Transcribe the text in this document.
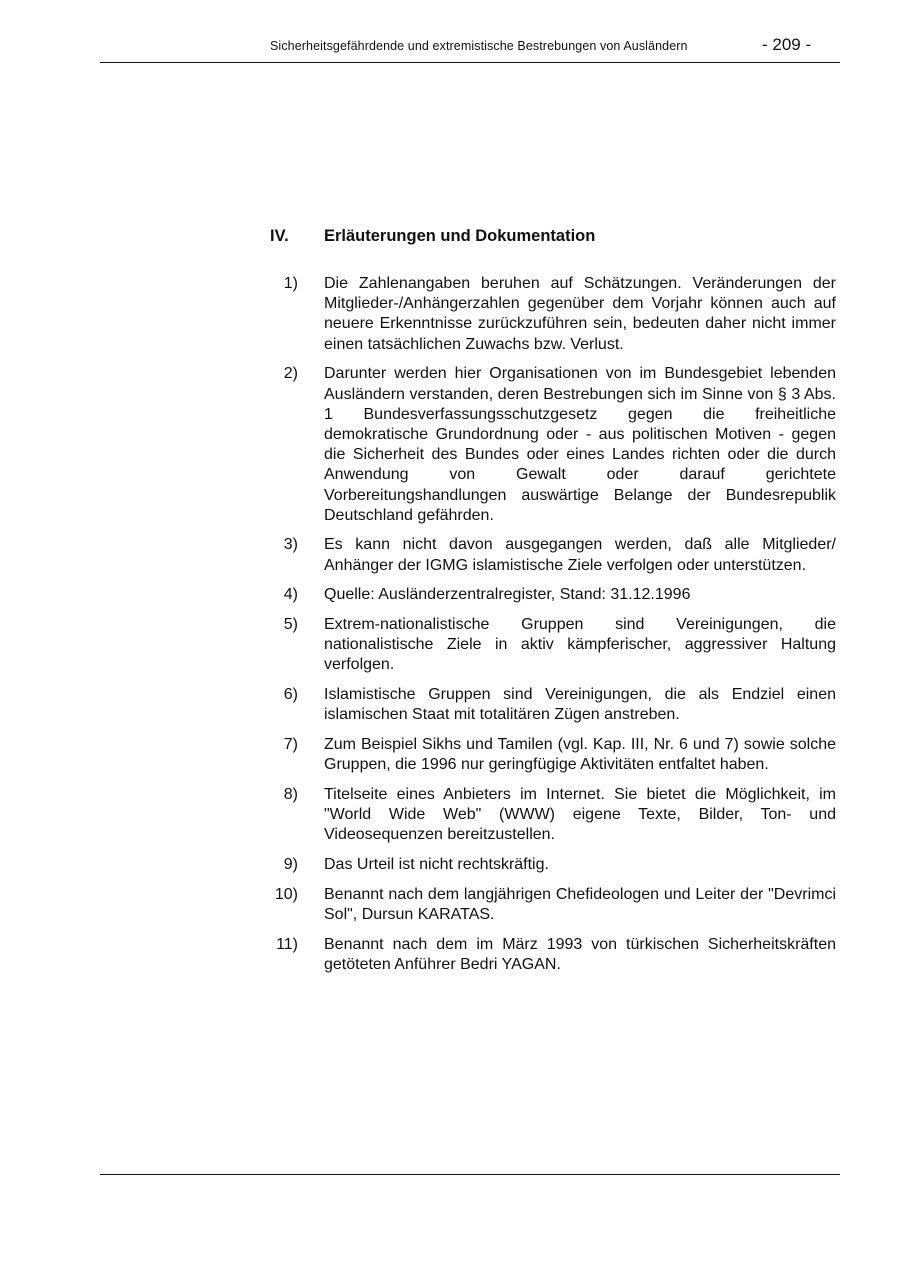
Sicherheitsgefährdende und extremistische Bestrebungen von Ausländern	- 209 -
IV. Erläuterungen und Dokumentation
1) Die Zahlenangaben beruhen auf Schätzungen. Veränderungen der Mitglieder-/Anhängerzahlen gegenüber dem Vorjahr können auch auf neuere Erkenntnisse zurückzuführen sein, bedeuten daher nicht immer einen tatsächlichen Zuwachs bzw. Verlust.
2) Darunter werden hier Organisationen von im Bundesgebiet lebenden Ausländern verstanden, deren Bestrebungen sich im Sinne von § 3 Abs. 1 Bundesverfassungsschutzgesetz gegen die freiheitliche demokratische Grundordnung oder - aus politischen Motiven - gegen die Sicherheit des Bundes oder eines Landes richten oder die durch Anwendung von Gewalt oder darauf gerichtete Vorbereitungshandlungen auswärtige Belange der Bundesrepublik Deutschland gefährden.
3) Es kann nicht davon ausgegangen werden, daß alle Mitglieder/ Anhänger der IGMG islamistische Ziele verfolgen oder unterstützen.
4) Quelle: Ausländerzentralregister, Stand: 31.12.1996
5) Extrem-nationalistische Gruppen sind Vereinigungen, die nationalistische Ziele in aktiv kämpferischer, aggressiver Haltung verfolgen.
6) Islamistische Gruppen sind Vereinigungen, die als Endziel einen islamischen Staat mit totalitären Zügen anstreben.
7) Zum Beispiel Sikhs und Tamilen (vgl. Kap. III, Nr. 6 und 7) sowie solche Gruppen, die 1996 nur geringfügige Aktivitäten entfaltet haben.
8) Titelseite eines Anbieters im Internet. Sie bietet die Möglichkeit, im "World Wide Web" (WWW) eigene Texte, Bilder, Ton- und Videosequenzen bereitzustellen.
9) Das Urteil ist nicht rechtskräftig.
10) Benannt nach dem langjährigen Chefideologen und Leiter der "Devrimci Sol", Dursun KARATAS.
11) Benannt nach dem im März 1993 von türkischen Sicherheitskräften getöteten Anführer Bedri YAGAN.
